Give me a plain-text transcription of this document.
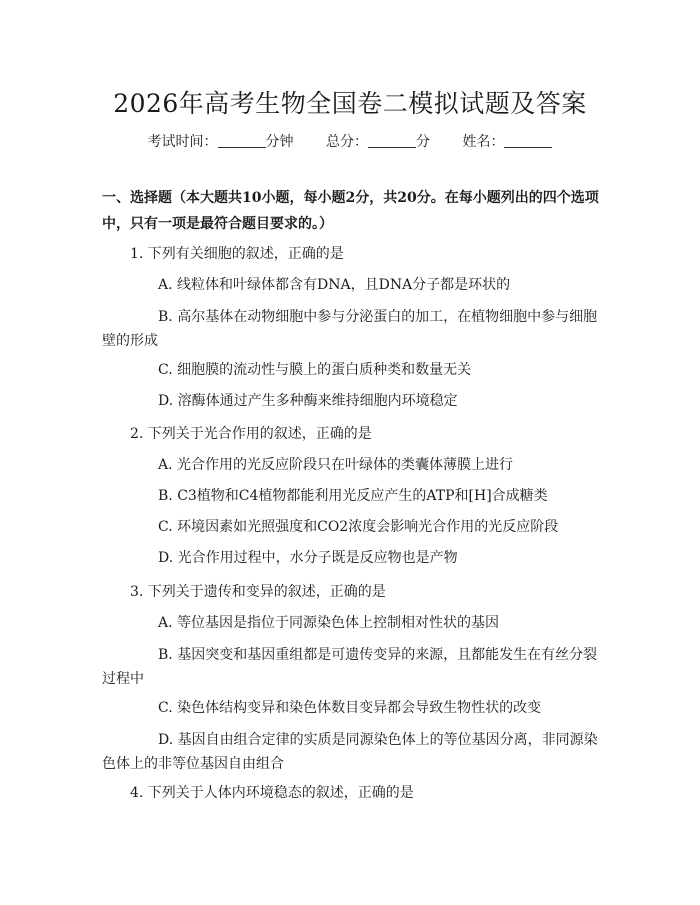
2026年高考生物全国卷二模拟试题及答案
考试时间：	分钟 总分：	分 姓名：

一、选择题（本大题共10小题，每小题2分，共20分。在每小题列出的四个选项中，只有一项是最符合题目要求的。）

1. 下列有关细胞的叙述，正确的是

A. 线粒体和叶绿体都含有DNA，且DNA分子都是环状的

B. 高尔基体在动物细胞中参与分泌蛋白的加工，在植物细胞中参与细胞壁的形成

C. 细胞膜的流动性与膜上的蛋白质种类和数量无关

D. 溶酶体通过产生多种酶来维持细胞内环境稳定

2. 下列关于光合作用的叙述，正确的是

A. 光合作用的光反应阶段只在叶绿体的类囊体薄膜上进行

B. C3植物和C4植物都能利用光反应产生的ATP和[H]合成糖类

C. 环境因素如光照强度和CO2浓度会影响光合作用的光反应阶段

D. 光合作用过程中，水分子既是反应物也是产物

3. 下列关于遗传和变异的叙述，正确的是

A. 等位基因是指位于同源染色体上控制相对性状的基因

B. 基因突变和基因重组都是可遗传变异的来源，且都能发生在有丝分裂过程中

C. 染色体结构变异和染色体数目变异都会导致生物性状的改变

D. 基因自由组合定律的实质是同源染色体上的等位基因分离，非同源染色体上的非等位基因自由组合

4. 下列关于人体内环境稳态的叙述，正确的是
